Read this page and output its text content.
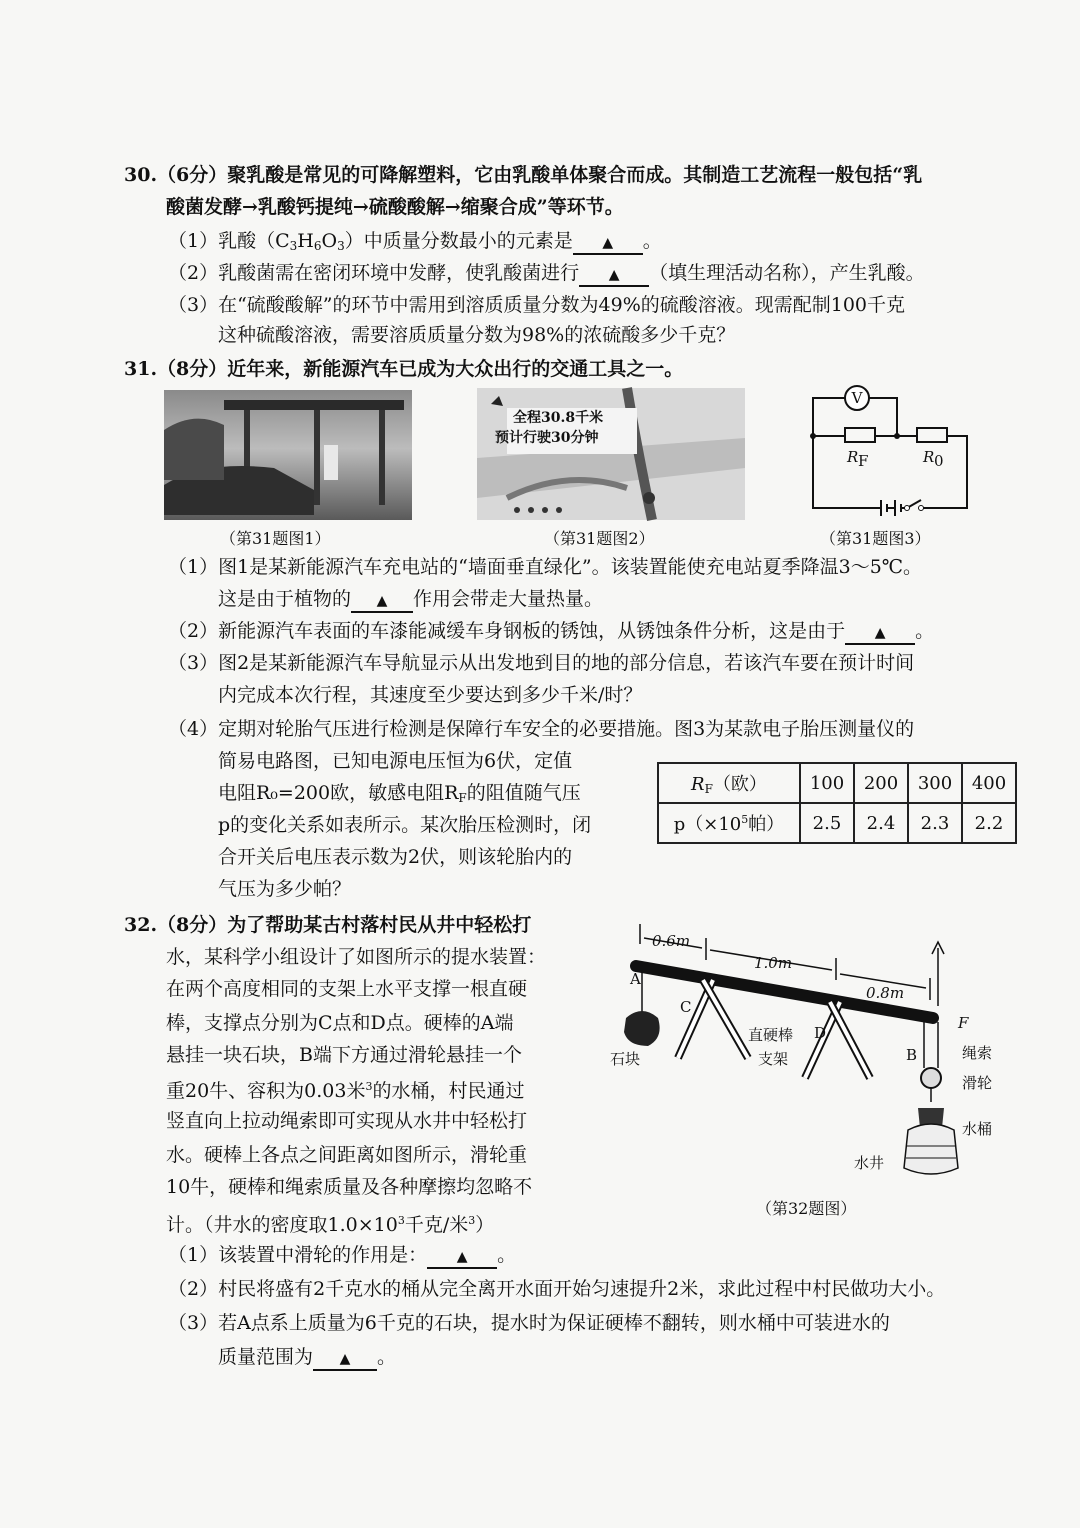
30.（6分）聚乳酸是常见的可降解塑料，它由乳酸单体聚合而成。其制造工艺流程一般包括“乳
酸菌发酵→乳酸钙提纯→硫酸酸解→缩聚合成”等环节。
（1）乳酸$(C_3H_6O_3)$中质量分数最小的元素是 ▲ 。
（2）乳酸菌需在密闭环境中发酵，使乳酸菌进行 ▲ （填生理活动名称），产生乳酸。
（3）在“硫酸酸解”的环节中需用到溶质质量分数为49%的硫酸溶液。现需配制100千克
这种硫酸溶液，需要溶质质量分数为98%的浓硫酸多少千克？
31.（8分）近年来，新能源汽车已成为大众出行的交通工具之一。
（第31题图1）
全程30.8千米
预计行驶30分钟
（第31题图2）
V
R F	R 0
（第31题图3）
（1）图1是某新能源汽车充电站的“墙面垂直绿化”。该装置能使充电站夏季降温3～5℃。
这是由于植物的 ▲ 作用会带走大量热量。
（2）新能源汽车表面的车漆能减缓车身钢板的锈蚀，从锈蚀条件分析，这是由于 ▲ 。
（3）图2是某新能源汽车导航显示从出发地到目的地的部分信息，若该汽车要在预计时间
内完成本次行程，其速度至少要达到多少千米/时？
（4）定期对轮胎气压进行检测是保障行车安全的必要措施。图3为某款电子胎压测量仪的
简易电路图，已知电源电压恒为6伏，定值
电阻R₀=200欧，敏感电阻$R_F$的阻值随气压
p的变化关系如表所示。某次胎压检测时，闭
合开关后电压表示数为2伏，则该轮胎内的
气压为多少帕？
$R_F$（欧）	100	200	300	400
$p(\times 10^5$帕）	2.5	2.4	2.3	2.2
32.（8分）为了帮助某古村落村民从井中轻松打
水，某科学小组设计了如图所示的提水装置：
在两个高度相同的支架上水平支撑一根直硬
棒，支撑点分别为C点和D点。硬棒的A端
悬挂一块石块，B端下方通过滑轮悬挂一个
重20牛、容积为0.03米$^3$的水桶，村民通过
竖直向上拉动绳索即可实现从水井中轻松打
水。硬棒上各点之间距离如图所示，滑轮重
10牛，硬棒和绳索质量及各种摩擦均忽略不
计。（井水的密度取$1.0\times 10^3$千克/米$^3$）
0.6m
1.0m
0.8m
A
C
D
B
F
石块
直硬棒
支架	绳索
滑轮
水桶
水井
（第32题图）
（1）该装置中滑轮的作用是： ▲ 。
（2）村民将盛有2千克水的桶从完全离开水面开始匀速提升2米，求此过程中村民做功大小。
（3）若A点系上质量为6千克的石块，提水时为保证硬棒不翻转，则水桶中可装进水的
质量范围为 ▲ 。
